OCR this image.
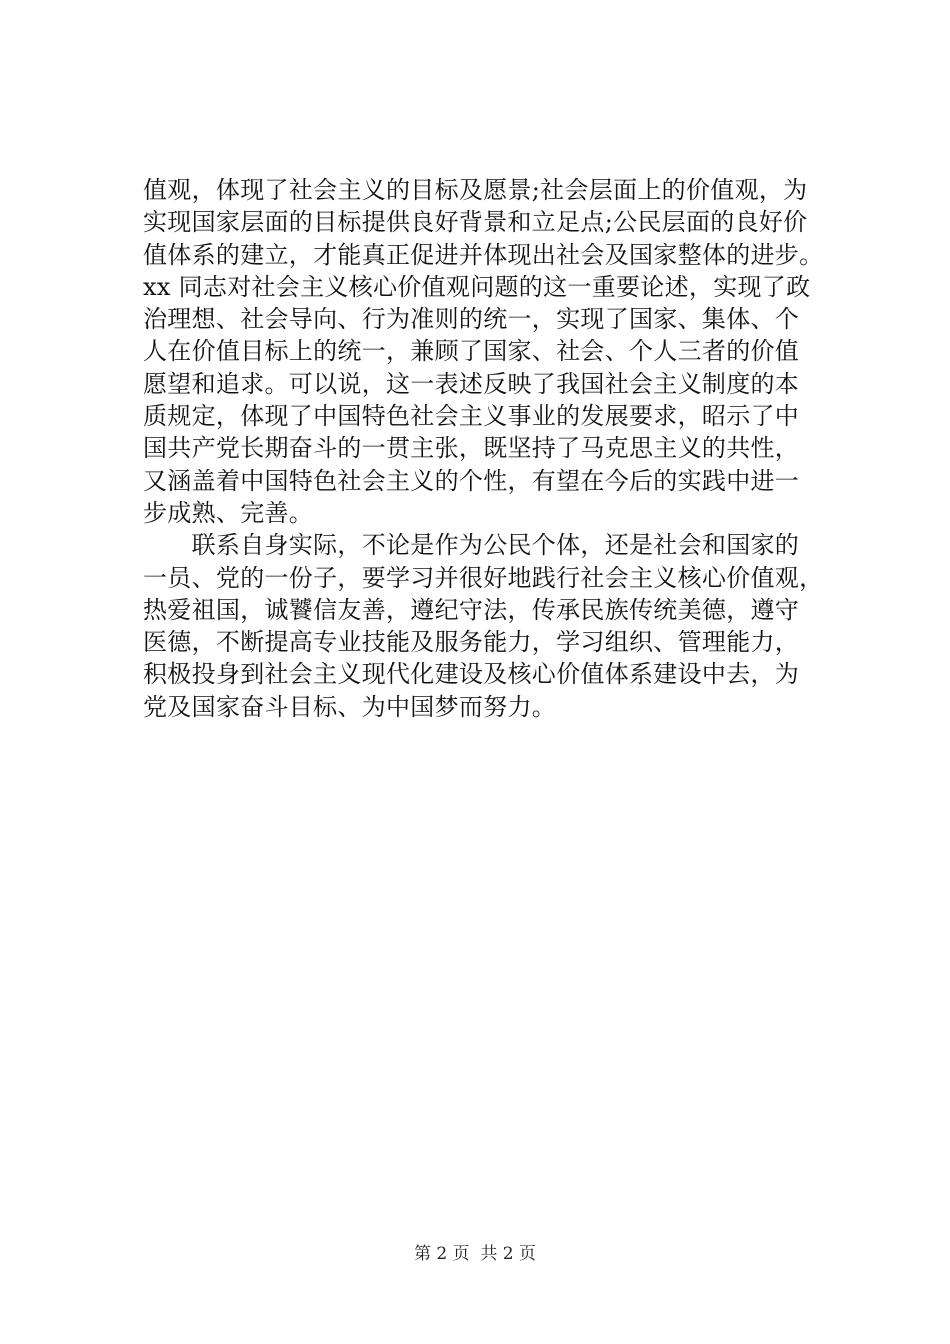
值观，体现了社会主义的目标及愿景;社会层面上的价值观，为
实现国家层面的目标提供良好背景和立足点;公民层面的良好价
值体系的建立，才能真正促进并体现出社会及国家整体的进步。
xx 同志对社会主义核心价值观问题的这一重要论述，实现了政
治理想、社会导向、行为准则的统一，实现了国家、集体、个
人在价值目标上的统一，兼顾了国家、社会、个人三者的价值
愿望和追求。可以说，这一表述反映了我国社会主义制度的本
质规定，体现了中国特色社会主义事业的发展要求，昭示了中
国共产党长期奋斗的一贯主张，既坚持了马克思主义的共性，
又涵盖着中国特色社会主义的个性，有望在今后的实践中进一
步成熟、完善。
　　联系自身实际，不论是作为公民个体，还是社会和国家的
一员、党的一份子，要学习并很好地践行社会主义核心价值观，
热爱祖国，诚饕信友善，遵纪守法，传承民族传统美德，遵守
医德，不断提高专业技能及服务能力，学习组织、管理能力，
积极投身到社会主义现代化建设及核心价值体系建设中去，为
党及国家奋斗目标、为中国梦而努力。
第 2 页  共 2 页
